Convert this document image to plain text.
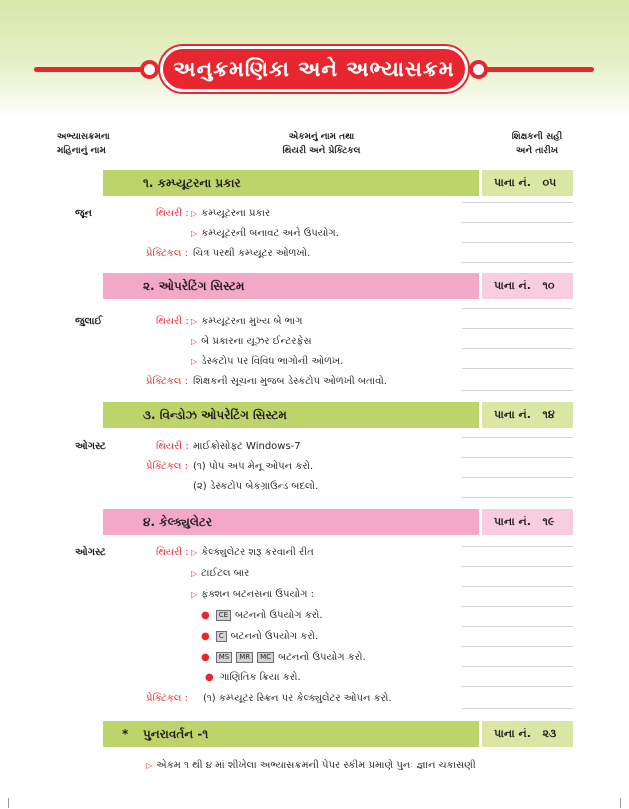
અનુક્રમણિકા અને અભ્યાસક્રમ
અભ્યાસક્રમના
મહિનાનું નામ
એકમનું નામ તથા
થિયરી અને પ્રેક્ટિકલ
શિક્ષકની સહી
અને તારીખ
૧. કમ્પ્યૂટરના પ્રકાર	પાના નં. ૦૫
જૂન	થિયરી : ▷ કમ્પ્યૂટરના પ્રકાર
▷ કમ્પ્યૂટરની બનાવટ અને ઉપયોગ.
પ્રેક્ટિકલ : ચિત્ર પરથી કમ્પ્યૂટર ઓળખો.
૨. ઓપરેટિંગ સિસ્ટમ	પાના નં. ૧૦
જુલાઈ	થિયરી : ▷ કમ્પ્યૂટરના મુખ્ય બે ભાગ
▷ બે પ્રકારના યૂઝર ઈન્ટરફેસ
▷ ડેસ્કટોપ પર વિવિધ ભાગોની ઓળખ.
પ્રેક્ટિકલ : શિક્ષકની સૂચના મુજબ ડેસ્કટોપ ઓળખી બતાવો.
૩. વિન્ડોઝ ઓપરેટિંગ સિસ્ટમ	પાના નં. ૧૪
ઓગસ્ટ	થિયરી : માઈક્રોસોફ્ટ Windows-7
પ્રેક્ટિકલ : (૧) પોપ અપ મેનૂ ઓપન કરો.
(૨) ડેસ્કટોપ બેકગ્રાઉન્ડ બદલો.
૪. કેલ્ક્યુલેટર	પાના નં. ૧૯
ઓગસ્ટ	થિયરી : ▷ કેલ્ક્યુલેટર શરૂ કરવાની રીત
▷ ટાઈટલ બાર
▷ ફંક્શન બટનસના ઉપયોગ :
● CE બટનનો ઉપયોગ કરો.
● C બટનનો ઉપયોગ કરો.
● MS MR MC બટનનો ઉપયોગ કરો.
● ગાણિતિક ક્રિયા કરો.
પ્રેક્ટિકલ : (૧) કમ્પ્યૂટર સ્ક્રિન પર કેલ્ક્યુલેટર ઓપન કરો.
* પુનરાવર્તન -૧	પાના નં. ૨૩
▷ એકમ ૧ થી ૪ માં શીખેલા અભ્યાસક્રમની પેપર સ્કીમ પ્રમાણે પુનઃ જ્ઞાન ચકાસણી
